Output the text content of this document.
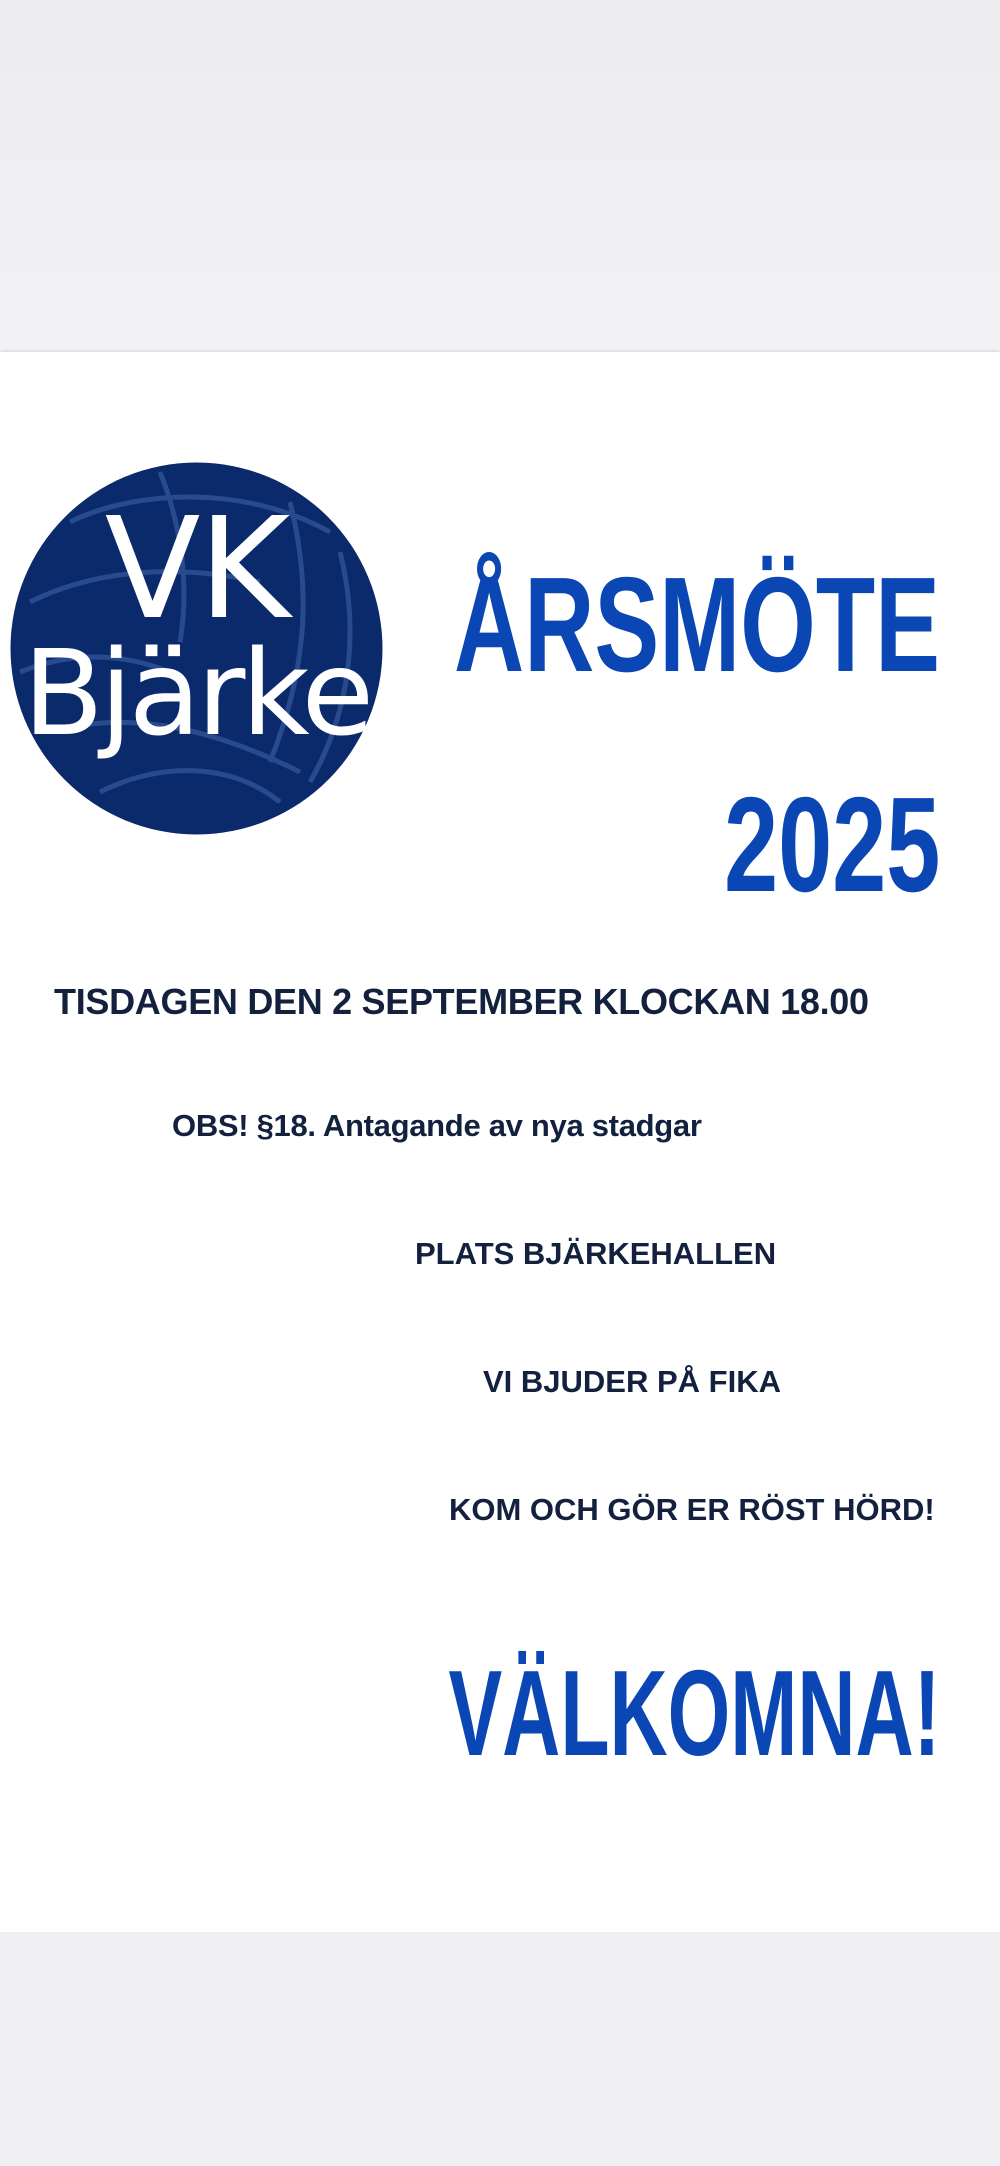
VK
Bjärke ÅRSMÖTE
2025

TISDAGEN DEN 2 SEPTEMBER KLOCKAN 18.00

OBS! §18. Antagande av nya stadgar

PLATS BJÄRKEHALLEN

VI BJUDER PÅ FIKA

KOM OCH GÖR ER RÖST HÖRD!

VÄLKOMNA!
